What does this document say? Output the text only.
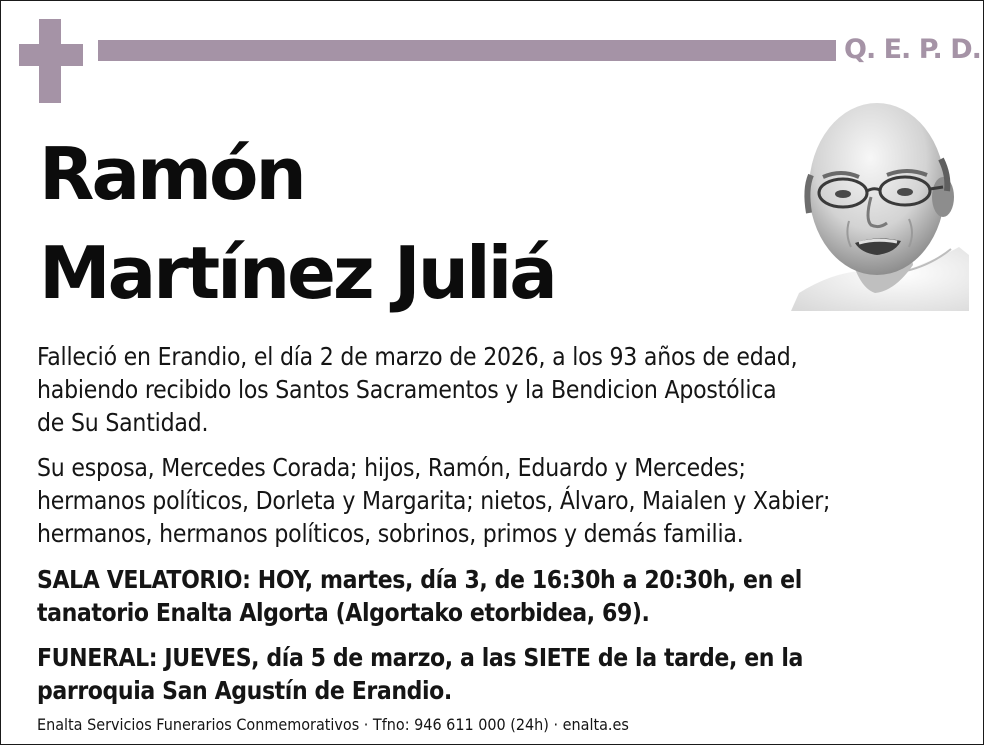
Q. E. P. D.
Ramón
Martínez Juliá

Falleció en Erandio, el día 2 de marzo de 2026, a los 93 años de edad,
habiendo recibido los Santos Sacramentos y la Bendicion Apostólica
de Su Santidad.

Su esposa, Mercedes Corada; hijos, Ramón, Eduardo y Mercedes;
hermanos políticos, Dorleta y Margarita; nietos, Álvaro, Maialen y Xabier;
hermanos, hermanos políticos, sobrinos, primos y demás familia.

SALA VELATORIO: HOY, martes, día 3, de 16:30h a 20:30h, en el
tanatorio Enalta Algorta (Algortako etorbidea, 69).

FUNERAL: JUEVES, día 5 de marzo, a las SIETE de la tarde, en la
parroquia San Agustín de Erandio.

Enalta Servicios Funerarios Conmemorativos · Tfno: 946 611 000 (24h) · enalta.es
